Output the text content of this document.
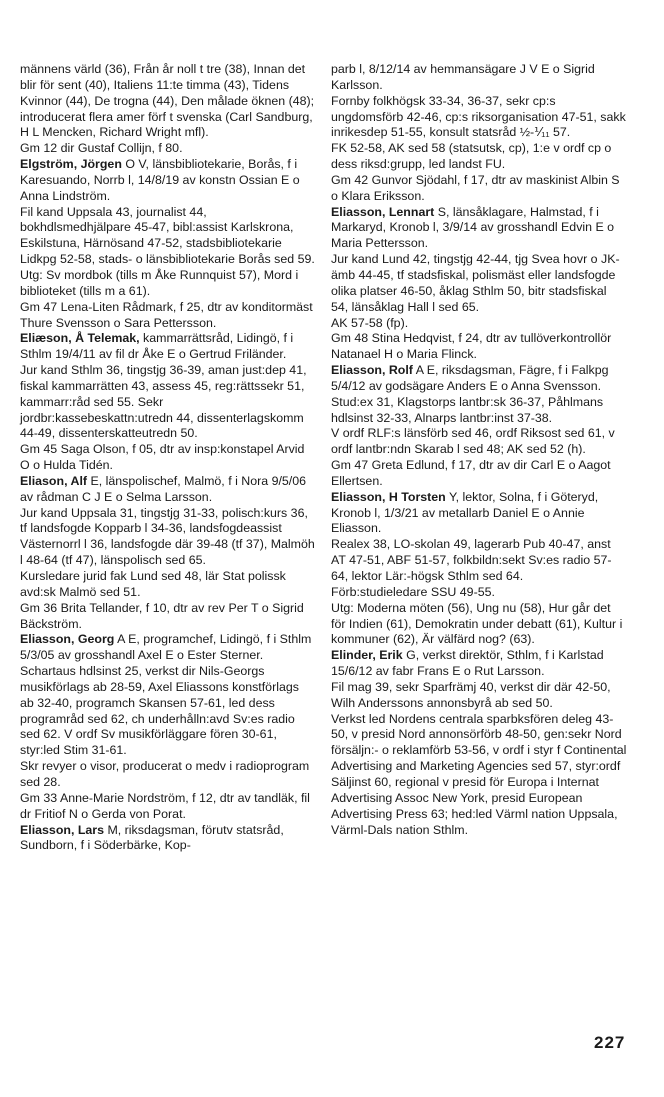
männens värld (36), Från år noll t tre (38), Innan det blir för sent (40), Italiens 11:te timma (43), Tidens Kvinnor (44), De trogna (44), Den målade öknen (48); introducerat flera amer förf t svenska (Carl Sandburg, H L Mencken, Richard Wright mfl).
Gm 12 dir Gustaf Collijn, f 80.
Elgström, Jörgen O V, länsbibliotekarie, Borås, f i Karesuando, Norrb l, 14/8/19 av konstn Ossian E o Anna Lindström.
Fil kand Uppsala 43, journalist 44, bokhdlsmedhjälpare 45-47, bibl:assist Karlskrona, Eskilstuna, Härnösand 47-52, stadsbibliotekarie Lidkpg 52-58, stads- o länsbibliotekarie Borås sed 59.
Utg: Sv mordbok (tills m Åke Runnquist 57), Mord i biblioteket (tills m a 61).
Gm 47 Lena-Liten Rådmark, f 25, dtr av konditormäst Thure Svensson o Sara Pettersson.
Eliæson, Å Telemak, kammarrättsråd, Lidingö, f i Sthlm 19/4/11 av fil dr Åke E o Gertrud Friländer.
Jur kand Sthlm 36, tingstjg 36-39, aman just:dep 41, fiskal kammarrätten 43, assess 45, reg:rättssekr 51, kammarr:råd sed 55. Sekr jordbr:kassebeskattn:utredn 44, dissenterlagskomm 44-49, dissenterskatteutredn 50.
Gm 45 Saga Olson, f 05, dtr av insp:konstapel Arvid O o Hulda Tidén.
Eliason, Alf E, länspolischef, Malmö, f i Nora 9/5/06 av rådman C J E o Selma Larsson.
Jur kand Uppsala 31, tingstjg 31-33, polisch:kurs 36, tf landsfogde Kopparb l 34-36, landsfogdeassist Västernorrl l 36, landsfogde där 39-48 (tf 37), Malmöh l 48-64 (tf 47), länspolisch sed 65.
Kursledare jurid fak Lund sed 48, lär Stat polissk avd:sk Malmö sed 51.
Gm 36 Brita Tellander, f 10, dtr av rev Per T o Sigrid Bäckström.
Eliasson, Georg A E, programchef, Lidingö, f i Sthlm 5/3/05 av grosshandl Axel E o Ester Sterner.
Schartaus hdlsinst 25, verkst dir Nils-Georgs musikförlags ab 28-59, Axel Eliassons konstförlags ab 32-40, programch Skansen 57-61, led dess programråd sed 62, ch underhålln:avd Sv:es radio sed 62. V ordf Sv musikförläggare fören 30-61, styr:led Stim 31-61.
Skr revyer o visor, producerat o medv i radioprogram sed 28.
Gm 33 Anne-Marie Nordström, f 12, dtr av tandläk, fil dr Fritiof N o Gerda von Porat.
Eliasson, Lars M, riksdagsman, förutv statsråd, Sundborn, f i Söderbärke, Kop-
parb l, 8/12/14 av hemmansägare J V E o Sigrid Karlsson.
Fornby folkhögsk 33-34, 36-37, sekr cp:s ungdomsförb 42-46, cp:s riksorganisation 47-51, sakk inrikesdep 51-55, konsult statsråd ½-⅟₁₁ 57.
FK 52-58, AK sed 58 (statsutsk, cp), 1:e v ordf cp o dess riksd:grupp, led landst FU.
Gm 42 Gunvor Sjödahl, f 17, dtr av maskinist Albin S o Klara Eriksson.
Eliasson, Lennart S, länsåklagare, Halmstad, f i Markaryd, Kronob l, 3/9/14 av grosshandl Edvin E o Maria Pettersson.
Jur kand Lund 42, tingstjg 42-44, tjg Svea hovr o JK-ämb 44-45, tf stadsfiskal, polismäst eller landsfogde olika platser 46-50, åklag Sthlm 50, bitr stadsfiskal 54, länsåklag Hall l sed 65.
AK 57-58 (fp).
Gm 48 Stina Hedqvist, f 24, dtr av tullöverkontrollör Natanael H o Maria Flinck.
Eliasson, Rolf A E, riksdagsman, Fägre, f i Falkpg 5/4/12 av godsägare Anders E o Anna Svensson.
Stud:ex 31, Klagstorps lantbr:sk 36-37, Påhlmans hdlsinst 32-33, Alnarps lantbr:inst 37-38.
V ordf RLF:s länsförb sed 46, ordf Riksost sed 61, v ordf lantbr:ndn Skarab l sed 48; AK sed 52 (h).
Gm 47 Greta Edlund, f 17, dtr av dir Carl E o Aagot Ellertsen.
Eliasson, H Torsten Y, lektor, Solna, f i Göteryd, Kronob l, 1/3/21 av metallarb Daniel E o Annie Eliasson.
Realex 38, LO-skolan 49, lagerarb Pub 40-47, anst AT 47-51, ABF 51-57, folkbildn:sekt Sv:es radio 57-64, lektor Lär:-högsk Sthlm sed 64.
Förb:studieledare SSU 49-55.
Utg: Moderna möten (56), Ung nu (58), Hur går det för Indien (61), Demokratin under debatt (61), Kultur i kommuner (62), Är välfärd nog? (63).
Elinder, Erik G, verkst direktör, Sthlm, f i Karlstad 15/6/12 av fabr Frans E o Rut Larsson.
Fil mag 39, sekr Sparfrämj 40, verkst dir där 42-50, Wilh Anderssons annonsbyrå ab sed 50.
Verkst led Nordens centrala sparbksfören deleg 43-50, v presid Nord annonsörförb 48-50, gen:sekr Nord försäljn:- o reklamförb 53-56, v ordf i styr f Continental Advertising and Marketing Agencies sed 57, styr:ordf Säljinst 60, regional v presid för Europa i Internat Advertising Assoc New York, presid European Advertising Press 63; hed:led Värml nation Uppsala, Värml-Dals nation Sthlm.
227
